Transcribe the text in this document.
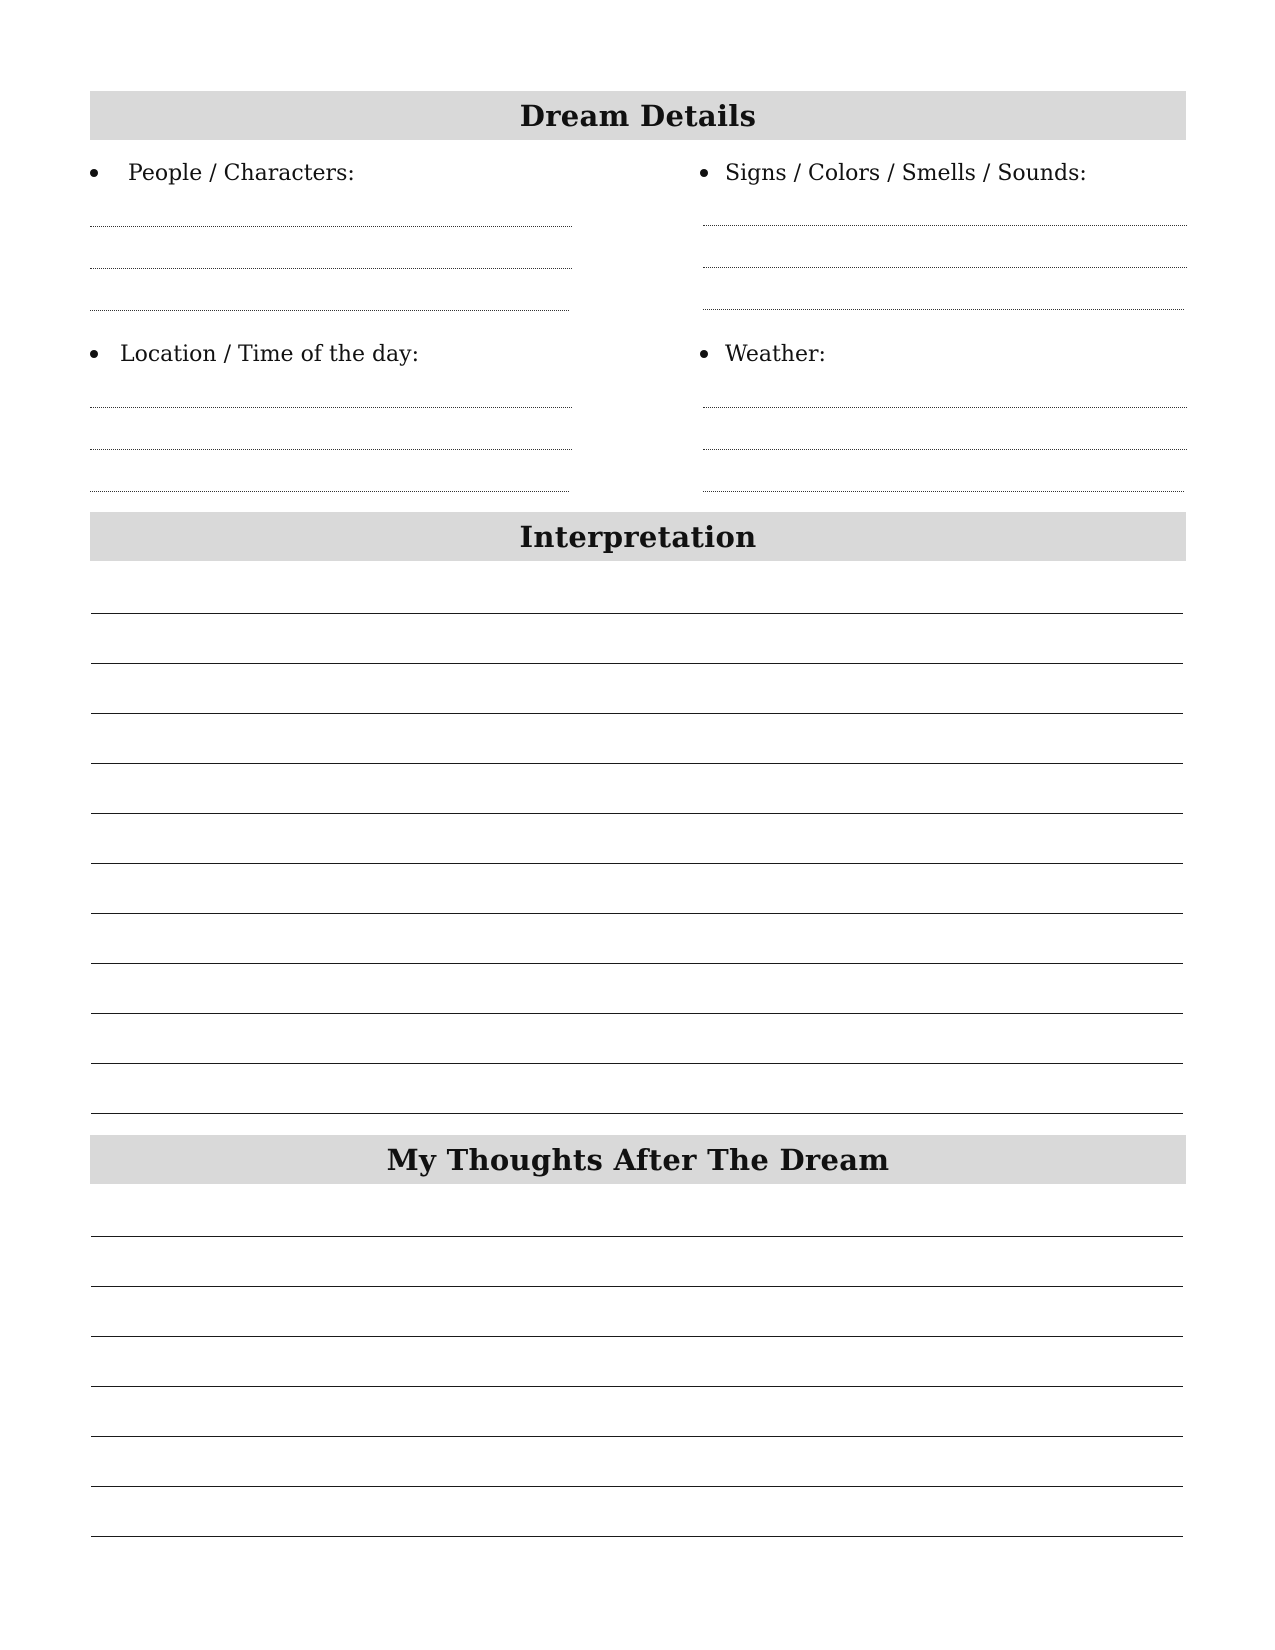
Dream Details
People / Characters:	Signs / Colors / Smells / Sounds:
Location / Time of the day:	Weather:
Interpretation
My Thoughts After The Dream
